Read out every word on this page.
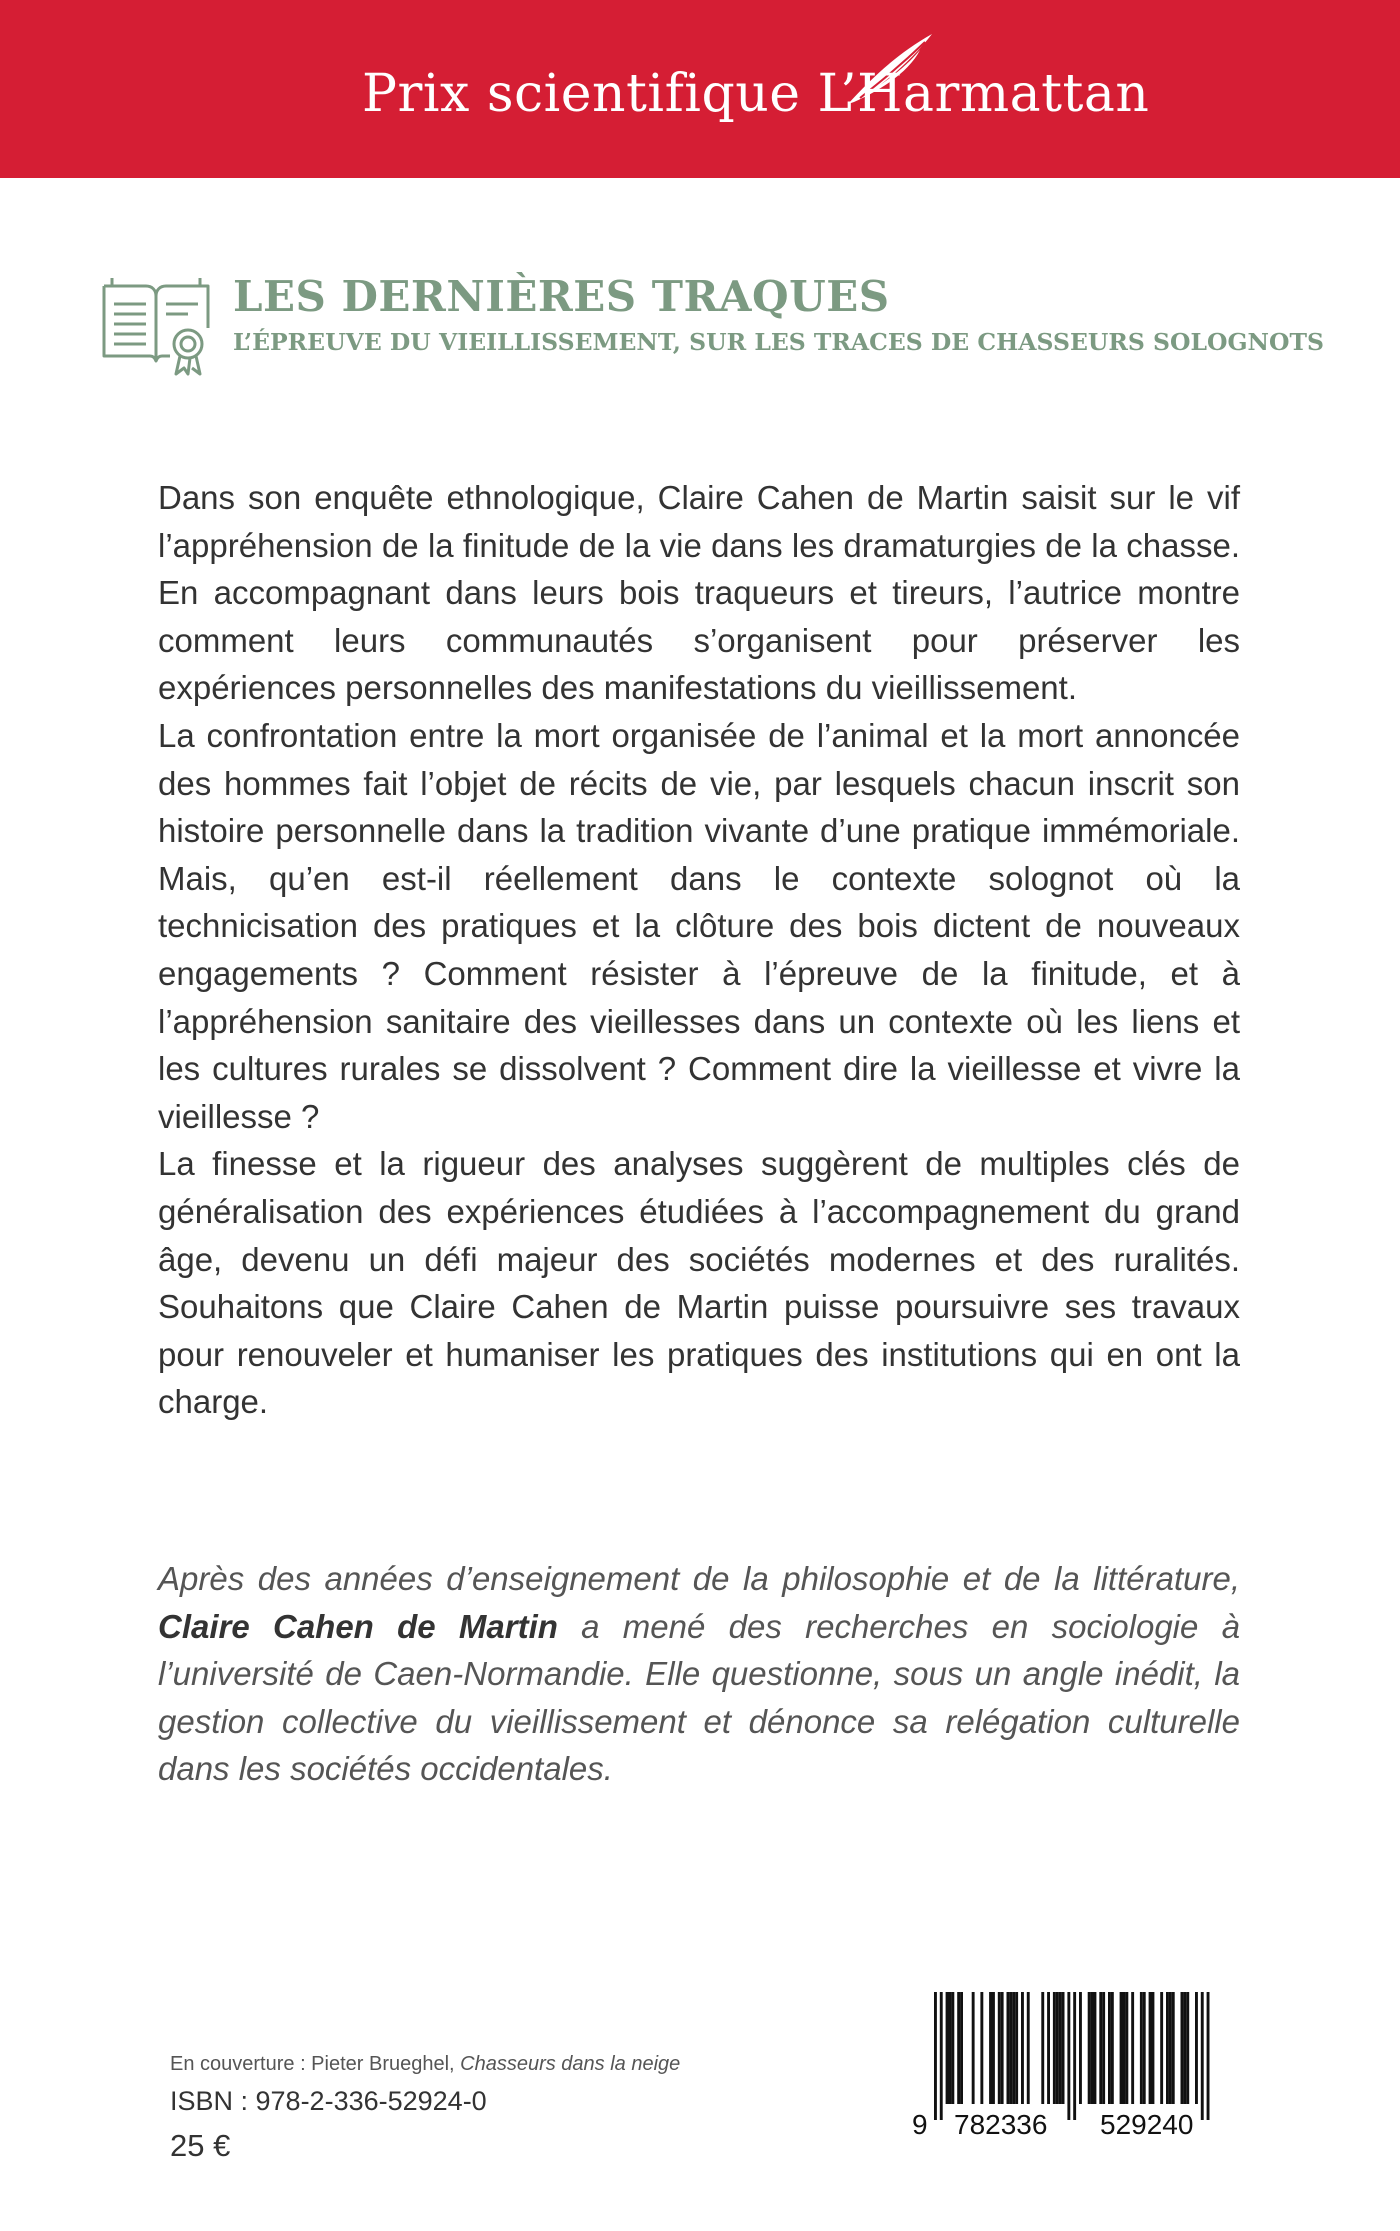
Prix scientifique L’Harmattan
LES DERNIÈRES TRAQUES
L’ÉPREUVE DU VIEILLISSEMENT, SUR LES TRACES DE CHASSEURS SOLOGNOTS

Dans son enquête ethnologique, Claire Cahen de Martin saisit sur le vif l’appréhension de la finitude de la vie dans les dramaturgies de la chasse. En accompagnant dans leurs bois traqueurs et tireurs, l’autrice montre comment leurs communautés s’organisent pour préserver les expériences personnelles des manifestations du vieillissement.

La confrontation entre la mort organisée de l’animal et la mort annoncée des hommes fait l’objet de récits de vie, par lesquels chacun inscrit son histoire personnelle dans la tradition vivante d’une pratique immémoriale. Mais, qu’en est-il réellement dans le contexte solognot où la technicisation des pratiques et la clôture des bois dictent de nouveaux engagements ? Comment résister à l’épreuve de la finitude, et à l’appréhension sanitaire des vieillesses dans un contexte où les liens et les cultures rurales se dissolvent ? Comment dire la vieillesse et vivre la vieillesse ?

La finesse et la rigueur des analyses suggèrent de multiples clés de généralisation des expériences étudiées à l’accompagnement du grand âge, devenu un défi majeur des sociétés modernes et des ruralités. Souhaitons que Claire Cahen de Martin puisse poursuivre ses travaux pour renouveler et humaniser les pratiques des institutions qui en ont la charge.

Après des années d’enseignement de la philosophie et de la littérature, Claire Cahen de Martin a mené des recherches en sociologie à l’université de Caen-Normandie. Elle questionne, sous un angle inédit, la gestion collective du vieillissement et dénonce sa relégation culturelle dans les sociétés occidentales.
En couverture : Pieter Brueghel, Chasseurs dans la neige
ISBN : 978-2-336-52924-0
25 €
9 782336 529240
